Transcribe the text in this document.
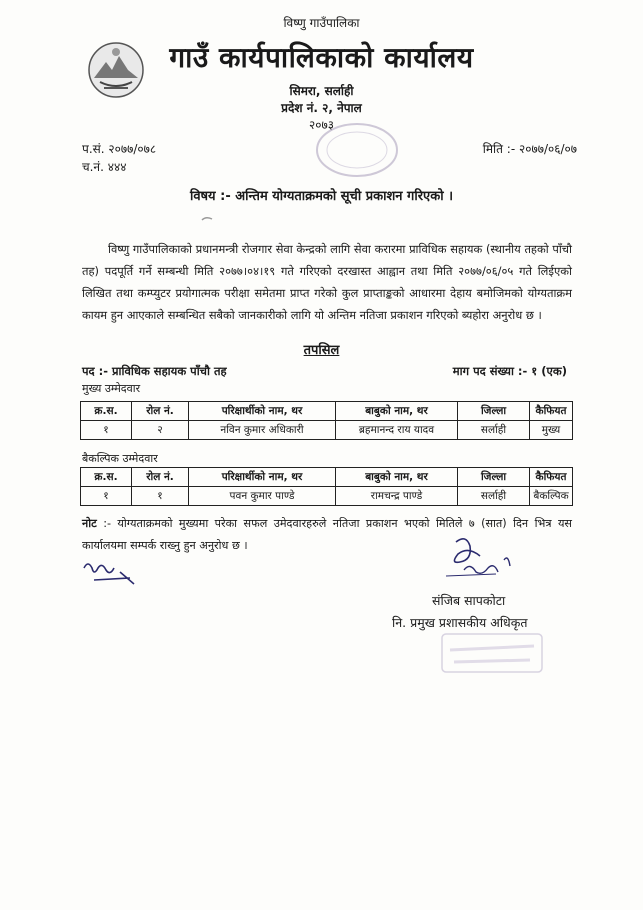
विष्णु गाउँपालिका
गाउँ कार्यपालिकाको कार्यालय
सिमरा, सर्लाही
प्रदेश नं. २, नेपाल
२०७३
प.सं. २०७७/०७८
च.नं. ४४४
मिति :- २०७७/०६/०७
विषय :- अन्तिम योग्यताक्रमको सूची प्रकाशन गरिएको ।
विष्णु गाउँपालिकाको प्रधानमन्त्री रोजगार सेवा केन्द्रको लागि सेवा करारमा प्राविधिक सहायक (स्थानीय तहको पाँचौ तह) पदपूर्ति गर्ने सम्बन्धी मिति २०७७।०४।१९ गते गरिएको दरखास्त आह्वान तथा मिति २०७७/०६/०५ गते लिईएको लिखित तथा कम्प्युटर प्रयोगात्मक परीक्षा समेतमा प्राप्त गरेको कुल प्राप्ताङ्कको आधारमा देहाय बमोजिमको योग्यताक्रम कायम हुन आएकाले सम्बन्धित सबैको जानकारीको लागि यो अन्तिम नतिजा प्रकाशन गरिएको ब्यहोरा अनुरोध छ ।
तपसिल
पद :- प्राविधिक सहायक पाँचौ तह	माग पद संख्या :- १ (एक)
मुख्य उम्मेदवार
क्र.स.	रोल नं.	परिक्षार्थीको नाम, थर	बाबुको नाम, थर	जिल्ला	कैफियत
१	२	नविन कुमार अधिकारी	ब्रहमानन्द राय यादव	सर्लाही	मुख्य
बैकल्पिक उम्मेदवार
क्र.स.	रोल नं.	परिक्षार्थीको नाम, थर	बाबुको नाम, थर	जिल्ला	कैफियत
१	१	पवन कुमार पाण्डे	रामचन्द्र पाण्डे	सर्लाही	बैकल्पिक
नोट :- योग्यताक्रमको मुख्यमा परेका सफल उमेदवारहरुले नतिजा प्रकाशन भएको मितिले ७ (सात) दिन भित्र यस कार्यालयमा सम्पर्क राख्नु हुन अनुरोध छ ।
संजिब सापकोटा
नि. प्रमुख प्रशासकीय अधिकृत
